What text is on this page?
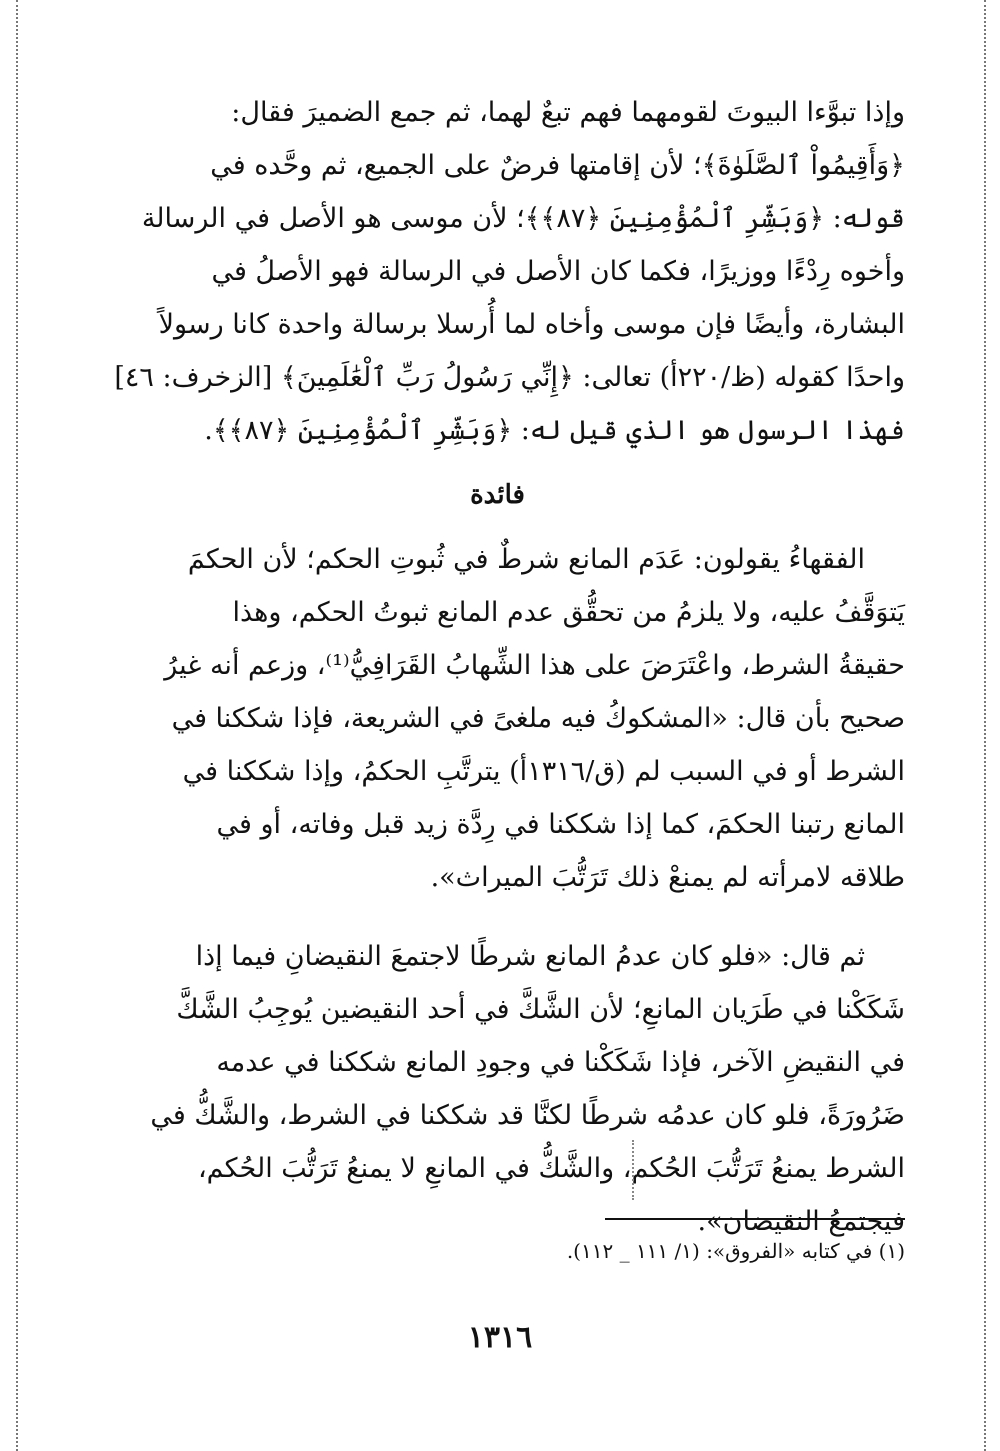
وإذا تبوَّءا البيوتَ لقومهما فهم تبعٌ لهما، ثم جمع الضميرَ فقال:

﴿وَأَقِيمُواْ ٱلصَّلَوٰةَ﴾؛ لأن إقامتها فرضٌ على الجميع، ثم وحَّده في

قوله: ﴿وَبَشِّرِ ٱلْمُؤْمِنِينَ ﴿٨٧﴾﴾؛ لأن موسى هو الأصل في الرسالة

وأخوه رِدْءًا ووزيرًا، فكما كان الأصل في الرسالة فهو الأصلُ في

البشارة، وأيضًا فإن موسى وأخاه لما أُرسلا برسالة واحدة كانا رسولاً

واحدًا كقوله (ظ/٢٢٠أ) تعالى: ﴿إِنِّي رَسُولُ رَبِّ ٱلْعَٰلَمِينَ﴾ [الزخرف: ٤٦]

فهذا الرسول هو الذي قيل له: ﴿وَبَشِّرِ ٱلْمُؤْمِنِينَ ﴿٨٧﴾﴾.

فائدة

الفقهاءُ يقولون: عَدَم المانع شرطٌ في ثُبوتِ الحكم؛ لأن الحكمَ

يَتوَقَّفُ عليه، ولا يلزمُ من تحقُّق عدم المانع ثبوتُ الحكم، وهذا

حقيقةُ الشرط، واعْتَرَضَ على هذا الشِّهابُ القَرَافِيُّ⁽¹⁾، وزعم أنه غيرُ

صحيح بأن قال: «المشكوكُ فيه ملغىً في الشريعة، فإذا شككنا في

الشرط أو في السبب لم (ق/١٣١٦أ) يترتَّبِ الحكمُ، وإذا شككنا في

المانع رتبنا الحكمَ، كما إذا شككنا في رِدَّة زيد قبل وفاته، أو في

طلاقه لامرأته لم يمنعْ ذلك تَرَتُّبَ الميراث».

ثم قال: «فلو كان عدمُ المانع شرطًا لاجتمعَ النقيضانِ فيما إذا

شَكَكْنا في طَرَيان المانعِ؛ لأن الشَّكَّ في أحد النقيضين يُوجِبُ الشَّكَّ

في النقيضِ الآخر، فإذا شَكَكْنا في وجودِ المانع شككنا في عدمه

ضَرُورَةً، فلو كان عدمُه شرطًا لكنَّا قد شككنا في الشرط، والشَّكُّ في

الشرط يمنعُ تَرَتُّبَ الحُكم، والشَّكُّ في المانعِ لا يمنعُ تَرَتُّبَ الحُكم،

فيجتمعُ النقيضان».

(١) في كتابه «الفروق»: (١/ ١١١ _ ١١٢).
١٣١٦
